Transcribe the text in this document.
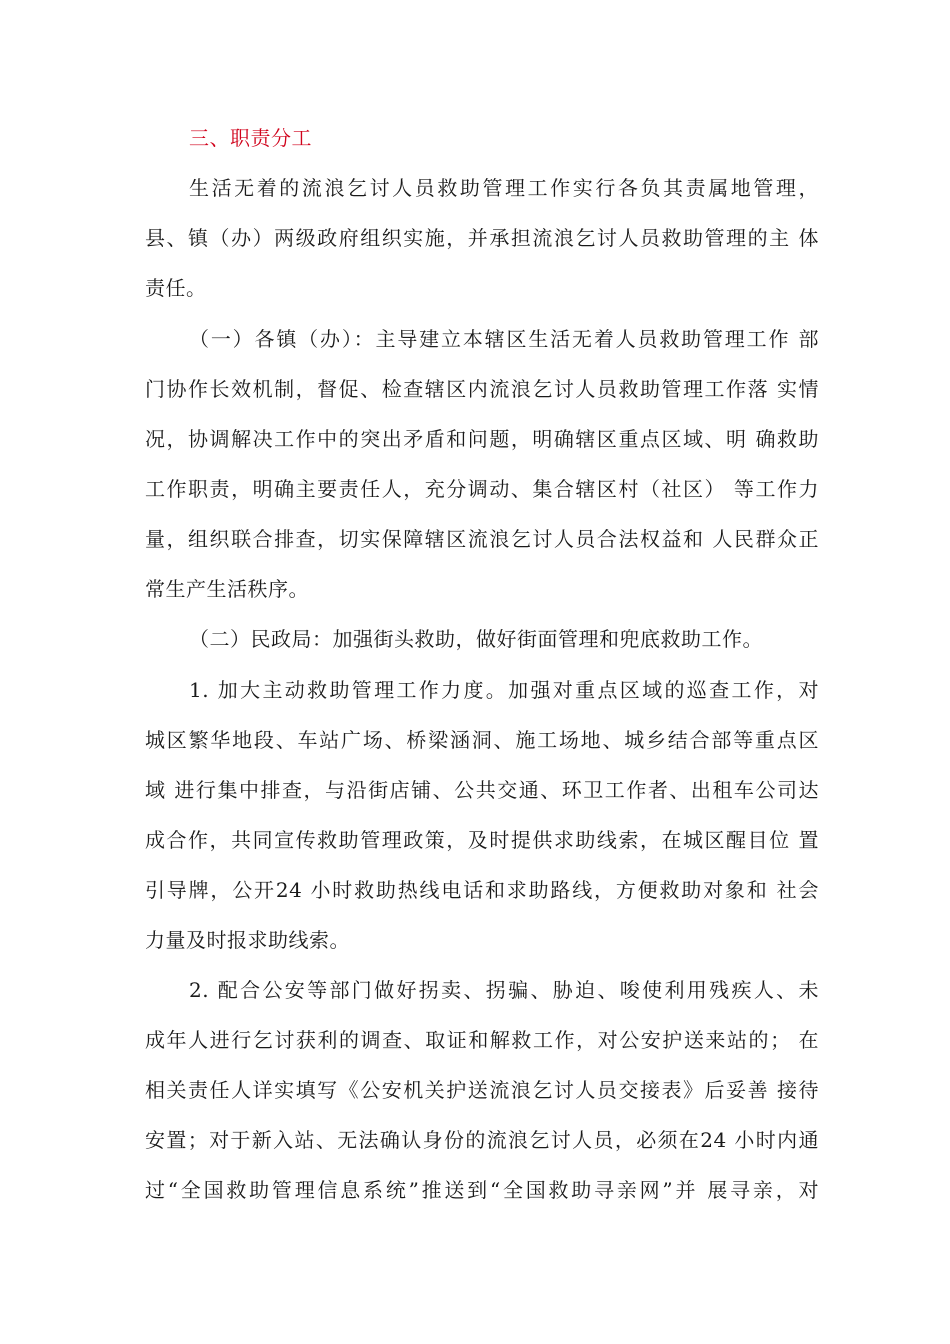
三、职责分工
生活无着的流浪乞讨人员救助管理工作实行各负其责属地管理，
县、镇（办）两级政府组织实施，并承担流浪乞讨人员救助管理的主 体
责任。
（一）各镇（办）：主导建立本辖区生活无着人员救助管理工作 部
门协作长效机制，督促、检查辖区内流浪乞讨人员救助管理工作落 实情
况，协调解决工作中的突出矛盾和问题，明确辖区重点区域、明 确救助
工作职责，明确主要责任人，充分调动、集合辖区村（社区） 等工作力
量，组织联合排查，切实保障辖区流浪乞讨人员合法权益和 人民群众正
常生产生活秩序。
（二）民政局：加强街头救助，做好街面管理和兜底救助工作。
1. 加大主动救助管理工作力度。加强对重点区域的巡查工作，对
城区繁华地段、车站广场、桥梁涵洞、施工场地、城乡结合部等重点区
域 进行集中排查，与沿街店铺、公共交通、环卫工作者、出租车公司达
成合作，共同宣传救助管理政策，及时提供求助线索，在城区醒目位 置
引导牌，公开24 小时救助热线电话和求助路线，方便救助对象和 社会
力量及时报求助线索。
2. 配合公安等部门做好拐卖、拐骗、胁迫、唆使利用残疾人、未
成年人进行乞讨获利的调查、取证和解救工作，对公安护送来站的； 在
相关责任人详实填写《公安机关护送流浪乞讨人员交接表》后妥善 接待
安置；对于新入站、无法确认身份的流浪乞讨人员，必须在24 小时内通
过“全国救助管理信息系统”推送到“全国救助寻亲网”并 展寻亲，对
